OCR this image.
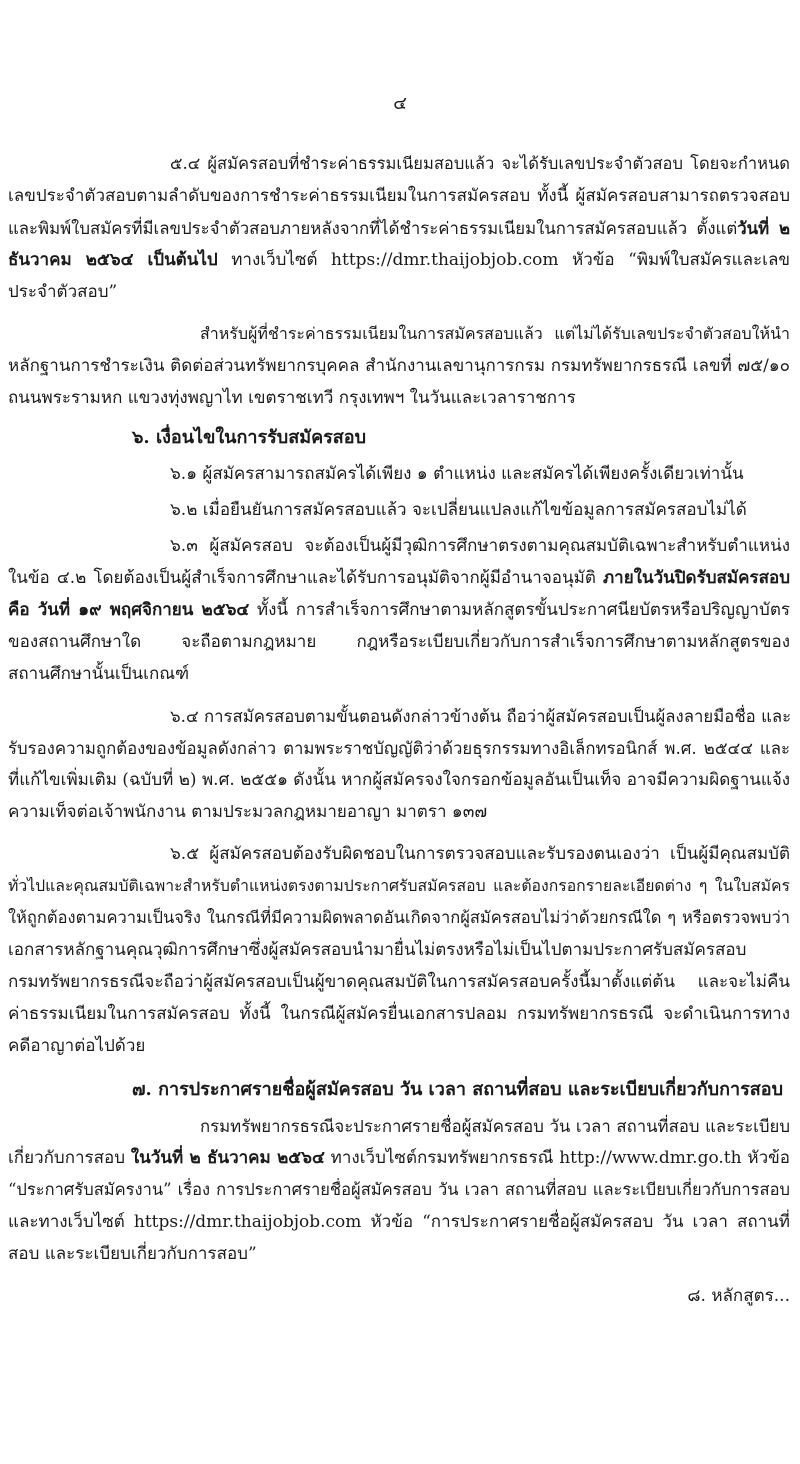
๔

๕.๔ ผู้สมัครสอบที่ชำระค่าธรรมเนียมสอบแล้ว จะได้รับเลขประจำตัวสอบ โดยจะกำหนด

เลขประจำตัวสอบตามลำดับของการชำระค่าธรรมเนียมในการสมัครสอบ ทั้งนี้ ผู้สมัครสอบสามารถตรวจสอบ

และพิมพ์ใบสมัครที่มีเลขประจำตัวสอบภายหลังจากที่ได้ชำระค่าธรรมเนียมในการสมัครสอบแล้ว ตั้งแต่วันที่ ๒

ธันวาคม ๒๕๖๔ เป็นต้นไป ทางเว็บไซต์ https://dmr.thaijobjob.com หัวข้อ “พิมพ์ใบสมัครและเลข

ประจำตัวสอบ”

สำหรับผู้ที่ชำระค่าธรรมเนียมในการสมัครสอบแล้ว แต่ไม่ได้รับเลขประจำตัวสอบให้นำ

หลักฐานการชำระเงิน ติดต่อส่วนทรัพยากรบุคคล สำนักงานเลขานุการกรม กรมทรัพยากรธรณี เลขที่ ๗๕/๑๐

ถนนพระรามหก แขวงทุ่งพญาไท เขตราชเทวี กรุงเทพฯ ในวันและเวลาราชการ

๖. เงื่อนไขในการรับสมัครสอบ

๖.๑ ผู้สมัครสามารถสมัครได้เพียง ๑ ตำแหน่ง และสมัครได้เพียงครั้งเดียวเท่านั้น

๖.๒ เมื่อยืนยันการสมัครสอบแล้ว จะเปลี่ยนแปลงแก้ไขข้อมูลการสมัครสอบไม่ได้

๖.๓ ผู้สมัครสอบ จะต้องเป็นผู้มีวุฒิการศึกษาตรงตามคุณสมบัติเฉพาะสำหรับตำแหน่ง

ในข้อ ๔.๒ โดยต้องเป็นผู้สำเร็จการศึกษาและได้รับการอนุมัติจากผู้มีอำนาจอนุมัติ ภายในวันปิดรับสมัครสอบ

คือ วันที่ ๑๙ พฤศจิกายน ๒๕๖๔ ทั้งนี้ การสำเร็จการศึกษาตามหลักสูตรขั้นประกาศนียบัตรหรือปริญญาบัตร

ของสถานศึกษาใด จะถือตามกฎหมาย กฎหรือระเบียบเกี่ยวกับการสำเร็จการศึกษาตามหลักสูตรของ

สถานศึกษานั้นเป็นเกณฑ์

๖.๔ การสมัครสอบตามขั้นตอนดังกล่าวข้างต้น ถือว่าผู้สมัครสอบเป็นผู้ลงลายมือชื่อ และ

รับรองความถูกต้องของข้อมูลดังกล่าว ตามพระราชบัญญัติว่าด้วยธุรกรรมทางอิเล็กทรอนิกส์ พ.ศ. ๒๕๔๔ และ

ที่แก้ไขเพิ่มเติม (ฉบับที่ ๒) พ.ศ. ๒๕๕๑ ดังนั้น หากผู้สมัครจงใจกรอกข้อมูลอันเป็นเท็จ อาจมีความผิดฐานแจ้ง

ความเท็จต่อเจ้าพนักงาน ตามประมวลกฎหมายอาญา มาตรา ๑๓๗

๖.๕ ผู้สมัครสอบต้องรับผิดชอบในการตรวจสอบและรับรองตนเองว่า เป็นผู้มีคุณสมบัติ

ทั่วไปและคุณสมบัติเฉพาะสำหรับตำแหน่งตรงตามประกาศรับสมัครสอบ และต้องกรอกรายละเอียดต่าง ๆ ในใบสมัคร

ให้ถูกต้องตามความเป็นจริง ในกรณีที่มีความผิดพลาดอันเกิดจากผู้สมัครสอบไม่ว่าด้วยกรณีใด ๆ หรือตรวจพบว่า

เอกสารหลักฐานคุณวุฒิการศึกษาซึ่งผู้สมัครสอบนำมายื่นไม่ตรงหรือไม่เป็นไปตามประกาศรับสมัครสอบ

กรมทรัพยากรธรณีจะถือว่าผู้สมัครสอบเป็นผู้ขาดคุณสมบัติในการสมัครสอบครั้งนี้มาตั้งแต่ต้น และจะไม่คืน

ค่าธรรมเนียมในการสมัครสอบ ทั้งนี้ ในกรณีผู้สมัครยื่นเอกสารปลอม กรมทรัพยากรธรณี จะดำเนินการทาง

คดีอาญาต่อไปด้วย

๗. การประกาศรายชื่อผู้สมัครสอบ วัน เวลา สถานที่สอบ และระเบียบเกี่ยวกับการสอบ

กรมทรัพยากรธรณีจะประกาศรายชื่อผู้สมัครสอบ วัน เวลา สถานที่สอบ และระเบียบ

เกี่ยวกับการสอบ ในวันที่ ๒ ธันวาคม ๒๕๖๔ ทางเว็บไซต์กรมทรัพยากรธรณี http://www.dmr.go.th หัวข้อ

“ประกาศรับสมัครงาน” เรื่อง การประกาศรายชื่อผู้สมัครสอบ วัน เวลา สถานที่สอบ และระเบียบเกี่ยวกับการสอบ

และทางเว็บไซต์ https://dmr.thaijobjob.com หัวข้อ “การประกาศรายชื่อผู้สมัครสอบ วัน เวลา สถานที่

สอบ และระเบียบเกี่ยวกับการสอบ”

๘. หลักสูตร...
